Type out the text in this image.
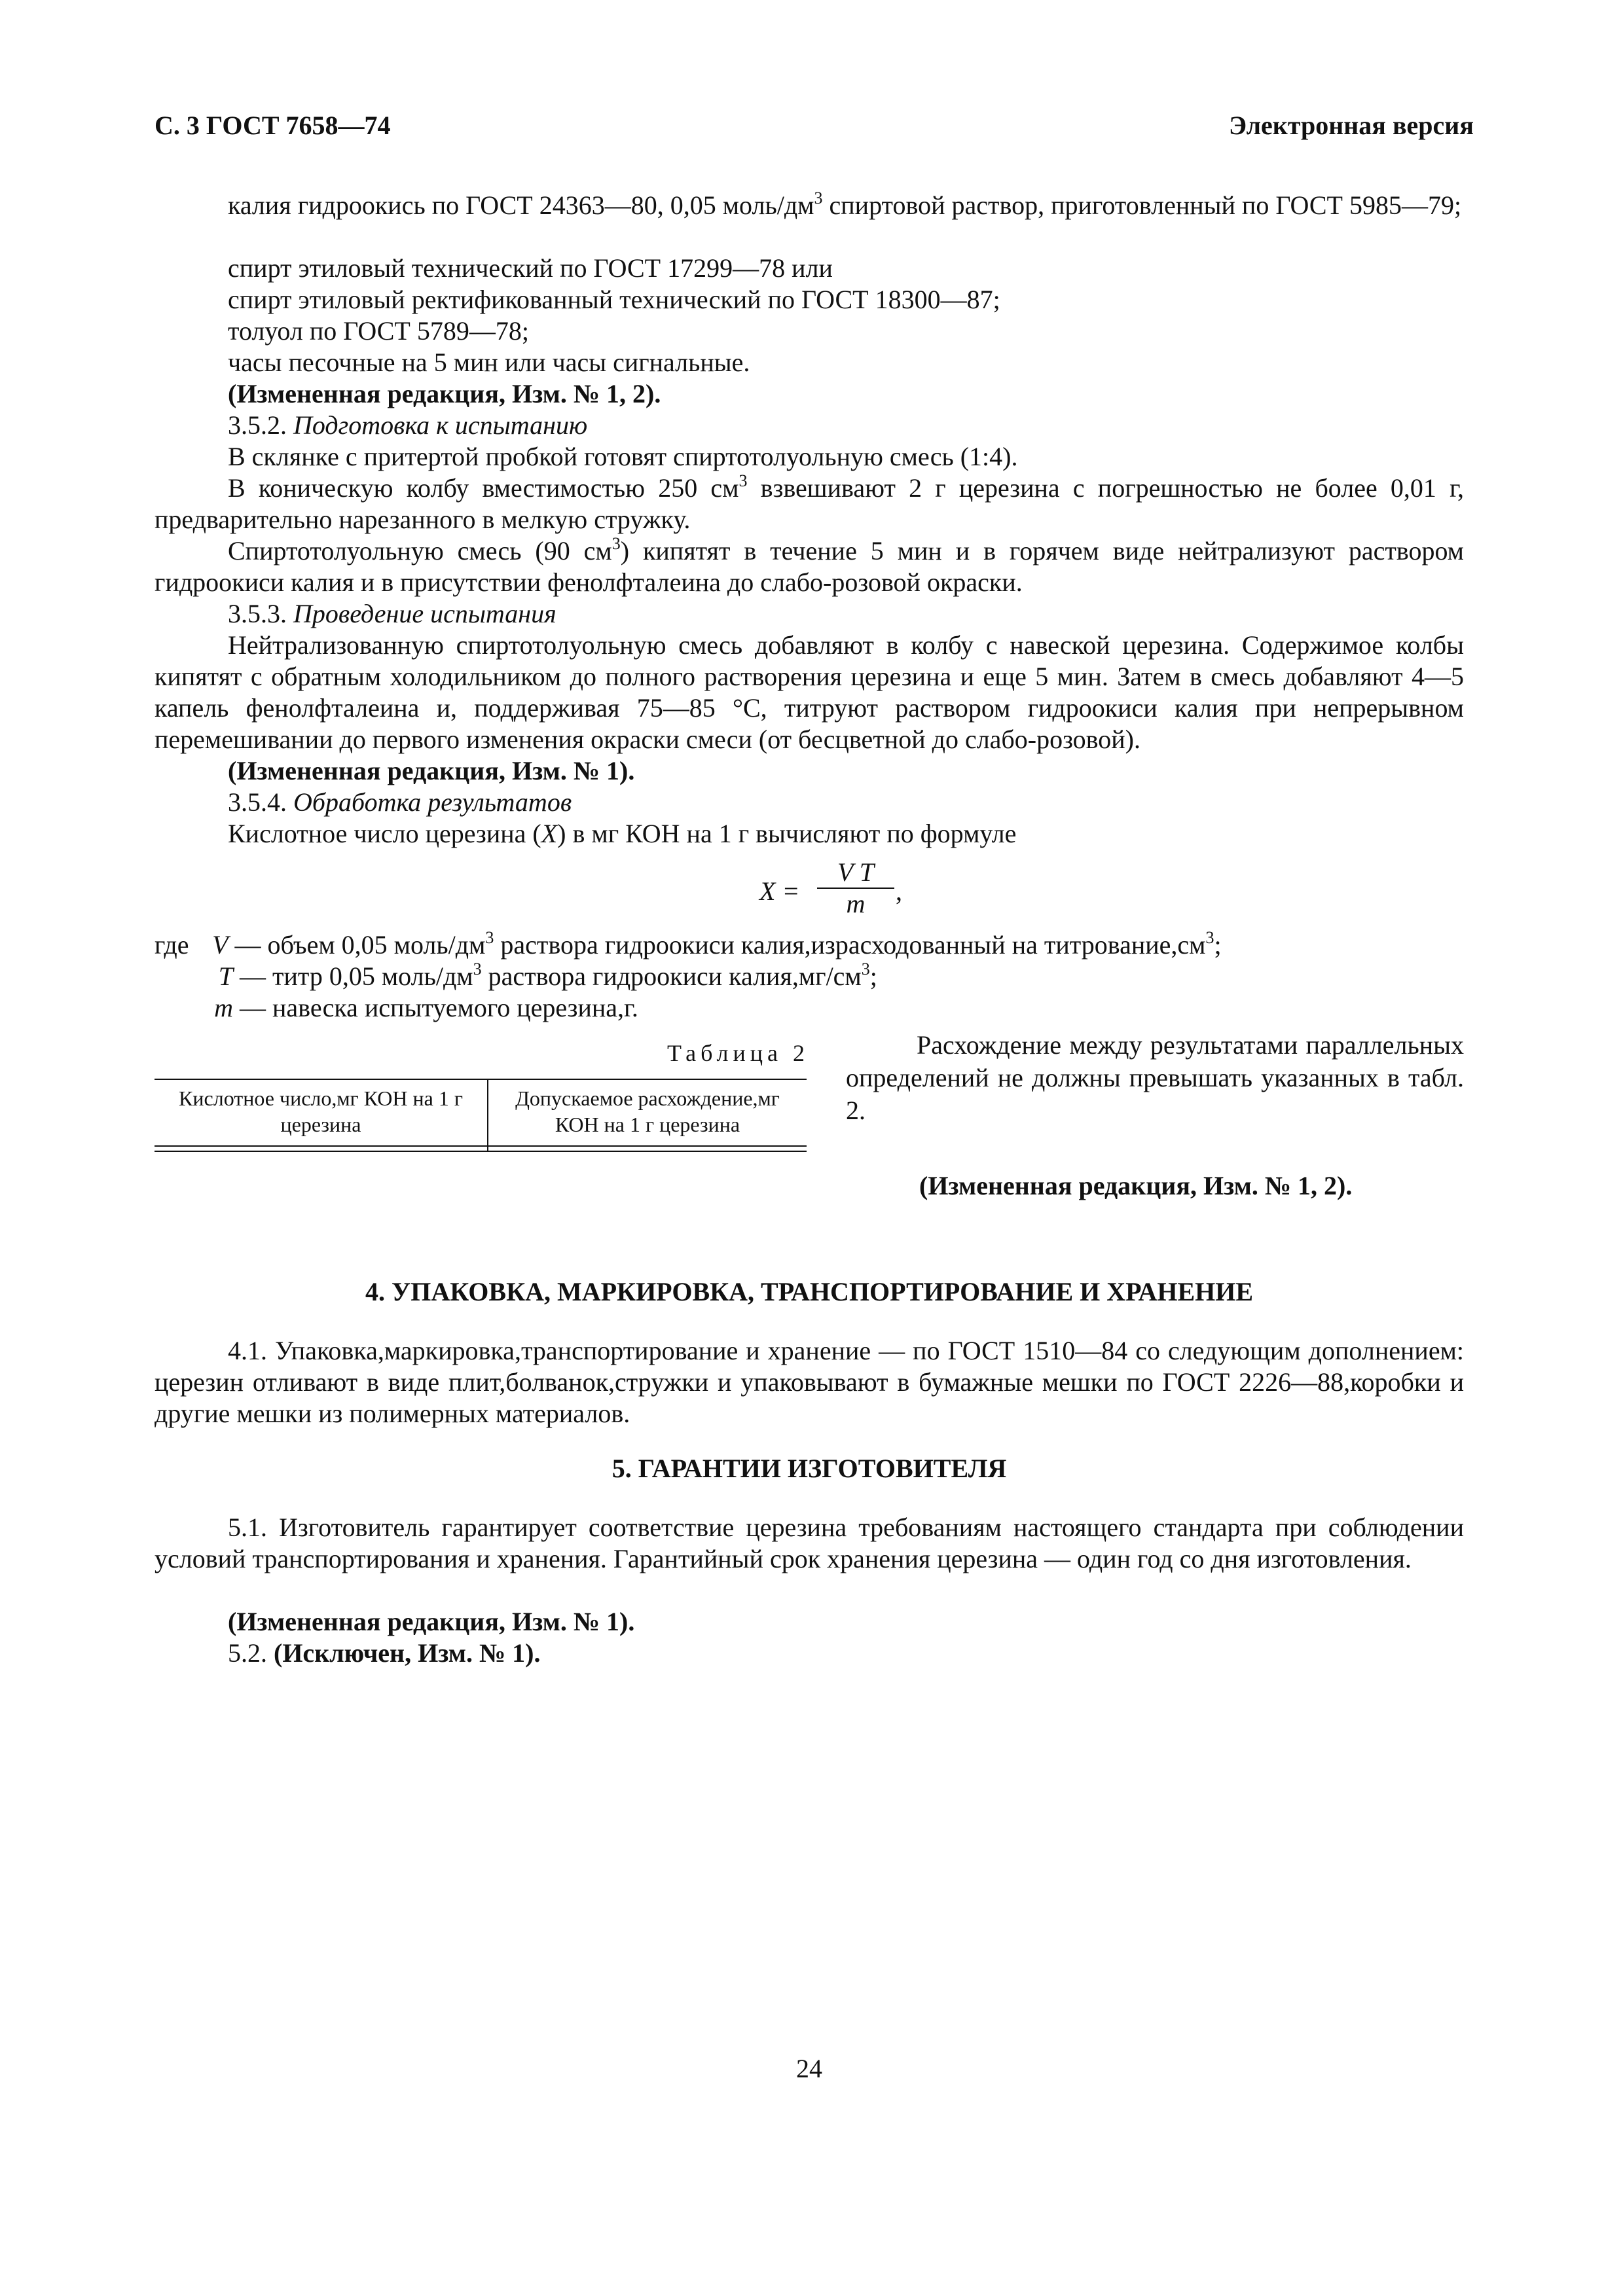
С. 3 ГОСТ 7658—74	Электронная версия
калия гидроокись по ГОСТ 24363—80, 0,05 моль/$дм^3$ спиртовой раствор, приготовленный по ГОСТ 5985—79;
спирт этиловый технический по ГОСТ 17299—78 или
спирт этиловый ректификованный технический по ГОСТ 18300—87;
толуол по ГОСТ 5789—78;
часы песочные на 5 мин или часы сигнальные.
(Измененная редакция, Изм. № 1, 2).
3.5.2. Подготовка к испытанию
В склянке с притертой пробкой готовят спиртотолуольную смесь (1:4).
В коническую колбу вместимостью 250 $см^3$ взвешивают 2 г церезина с погрешностью не более 0,01 г, предварительно нарезанного в мелкую стружку.
Спиртотолуольную смесь (90 $см^3$) кипятят в течение 5 мин и в горячем виде нейтрализуют раствором гидроокиси калия и в присутствии фенолфталеина до слабо-розовой окраски.
3.5.3. Проведение испытания
Нейтрализованную спиртотолуольную смесь добавляют в колбу с навеской церезина. Содержимое колбы кипятят с обратным холодильником до полного растворения церезина и еще 5 мин. Затем в смесь добавляют 4—5 капель фенолфталеина и, поддерживая 75—85 °С, титруют раствором гидроокиси калия при непрерывном перемешивании до первого изменения окраски смеси (от бесцветной до слабо-розовой).
(Измененная редакция, Изм. № 1).
3.5.4. Обработка результатов
Кислотное число церезина (X) в мг КОН на 1 г вычисляют по формуле
X =
V T
m	,
где V — объем 0,05 моль/$дм^3$ раствора гидроокиси калия,израсходованный на $титрование,см^3$;
T — титр 0,05 моль/$дм^3$ раствора гидроокиси $калия,мг/см^3$;
m — навеска испытуемого церезина,г.
Таблица 2

Кислотное число,мг КОН на 1 г церезина	Допускаемое расхождение,мг КОН на 1 г церезина

Расхождение между результатами параллельных определений не должны превышать указанных в табл. 2.
(Измененная редакция, Изм. № 1, 2).
4. УПАКОВКА, МАРКИРОВКА, ТРАНСПОРТИРОВАНИЕ И ХРАНЕНИЕ
4.1. Упаковка,маркировка,транспортирование и хранение — по ГОСТ 1510—84 со следующим дополнением: церезин отливают в виде плит,болванок,стружки и упаковывают в бумажные мешки по ГОСТ 2226—88,коробки и другие мешки из полимерных материалов.
5. ГАРАНТИИ ИЗГОТОВИТЕЛЯ
5.1. Изготовитель гарантирует соответствие церезина требованиям настоящего стандарта при соблюдении условий транспортирования и хранения. Гарантийный срок хранения церезина — один год со дня изготовления.
(Измененная редакция, Изм. № 1).
5.2. (Исключен, Изм. № 1).
24
